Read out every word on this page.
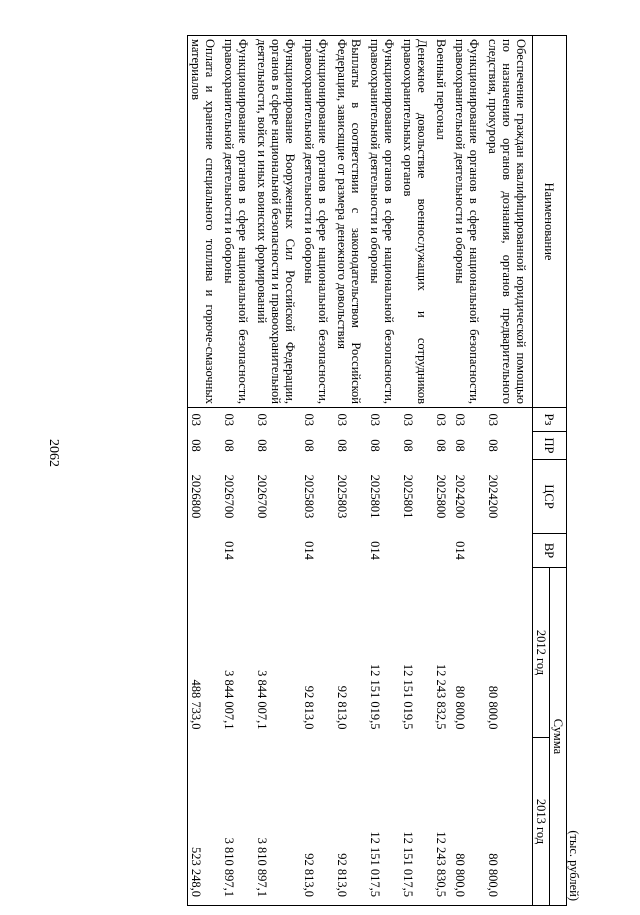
2062
(тыс. рублей)
Наименование	Рз	ПР	ЦСР	ВР	Сумма	
					2012 год	2013 год
Обеспечение граждан квалифицированной юридической помощью по назначению органов дознания, органов предварительного следствия, прокурора	03	08	2024200		80 800,0	80 800,0
Функционирование органов в сфере национальной безопасности, правоохранительной деятельности и обороны	03	08	2024200	014	80 800,0	80 800,0
Военный персонал	03	08	2025800		12 243 832,5	12 243 830,5
Денежное довольствие военнослужащих и сотрудников правоохранительных органов	03	08	2025801		12 151 019,5	12 151 017,5
Функционирование органов в сфере национальной безопасности, правоохранительной деятельности и обороны	03	08	2025801	014	12 151 019,5	12 151 017,5
Выплаты в соответствии с законодательством Российской Федерации, зависящие от размера денежного довольствия	03	08	2025803		92 813,0	92 813,0
Функционирование органов в сфере национальной безопасности, правоохранительной деятельности и обороны	03	08	2025803	014	92 813,0	92 813,0
Функционирование Вооруженных Сил Российской Федерации, органов в сфере национальной безопасности и правоохранительной деятельности, войск и иных воинских формирований	03	08	2026700		3 844 007,1	3 810 897,1
Функционирование органов в сфере национальной безопасности, правоохранительной деятельности и обороны	03	08	2026700	014	3 844 007,1	3 810 897,1
Оплата и хранение специального топлива и горюче-смазочных материалов	03	08	2026800		488 733,0	523 248,0
